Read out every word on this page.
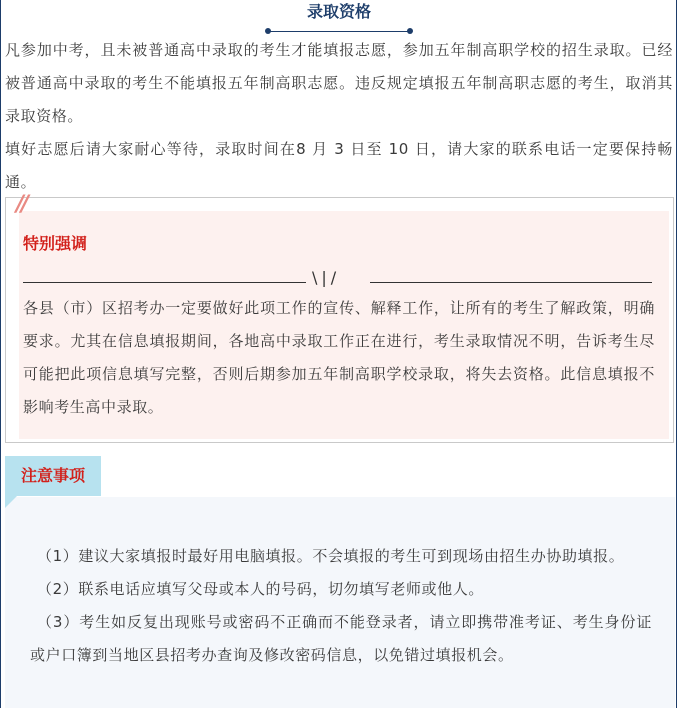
录取资格

凡参加中考，且未被普通高中录取的考生才能填报志愿，参加五年制高职学校的招生录取。已经被普通高中录取的考生不能填报五年制高职志愿。违反规定填报五年制高职志愿的考生，取消其录取资格。

填好志愿后请大家耐心等待，录取时间在8 月 3 日至 10 日，请大家的联系电话一定要保持畅通。

//
特别强调
\|/

各县（市）区招考办一定要做好此项工作的宣传、解释工作，让所有的考生了解政策，明确要求。尤其在信息填报期间，各地高中录取工作正在进行，考生录取情况不明，告诉考生尽可能把此项信息填写完整，否则后期参加五年制高职学校录取，将失去资格。此信息填报不影响考生高中录取。

注意事项

（1）建议大家填报时最好用电脑填报。不会填报的考生可到现场由招生办协助填报。

（2）联系电话应填写父母或本人的号码，切勿填写老师或他人。

（3）考生如反复出现账号或密码不正确而不能登录者，请立即携带准考证、考生身份证或户口簿到当地区县招考办查询及修改密码信息，以免错过填报机会。
